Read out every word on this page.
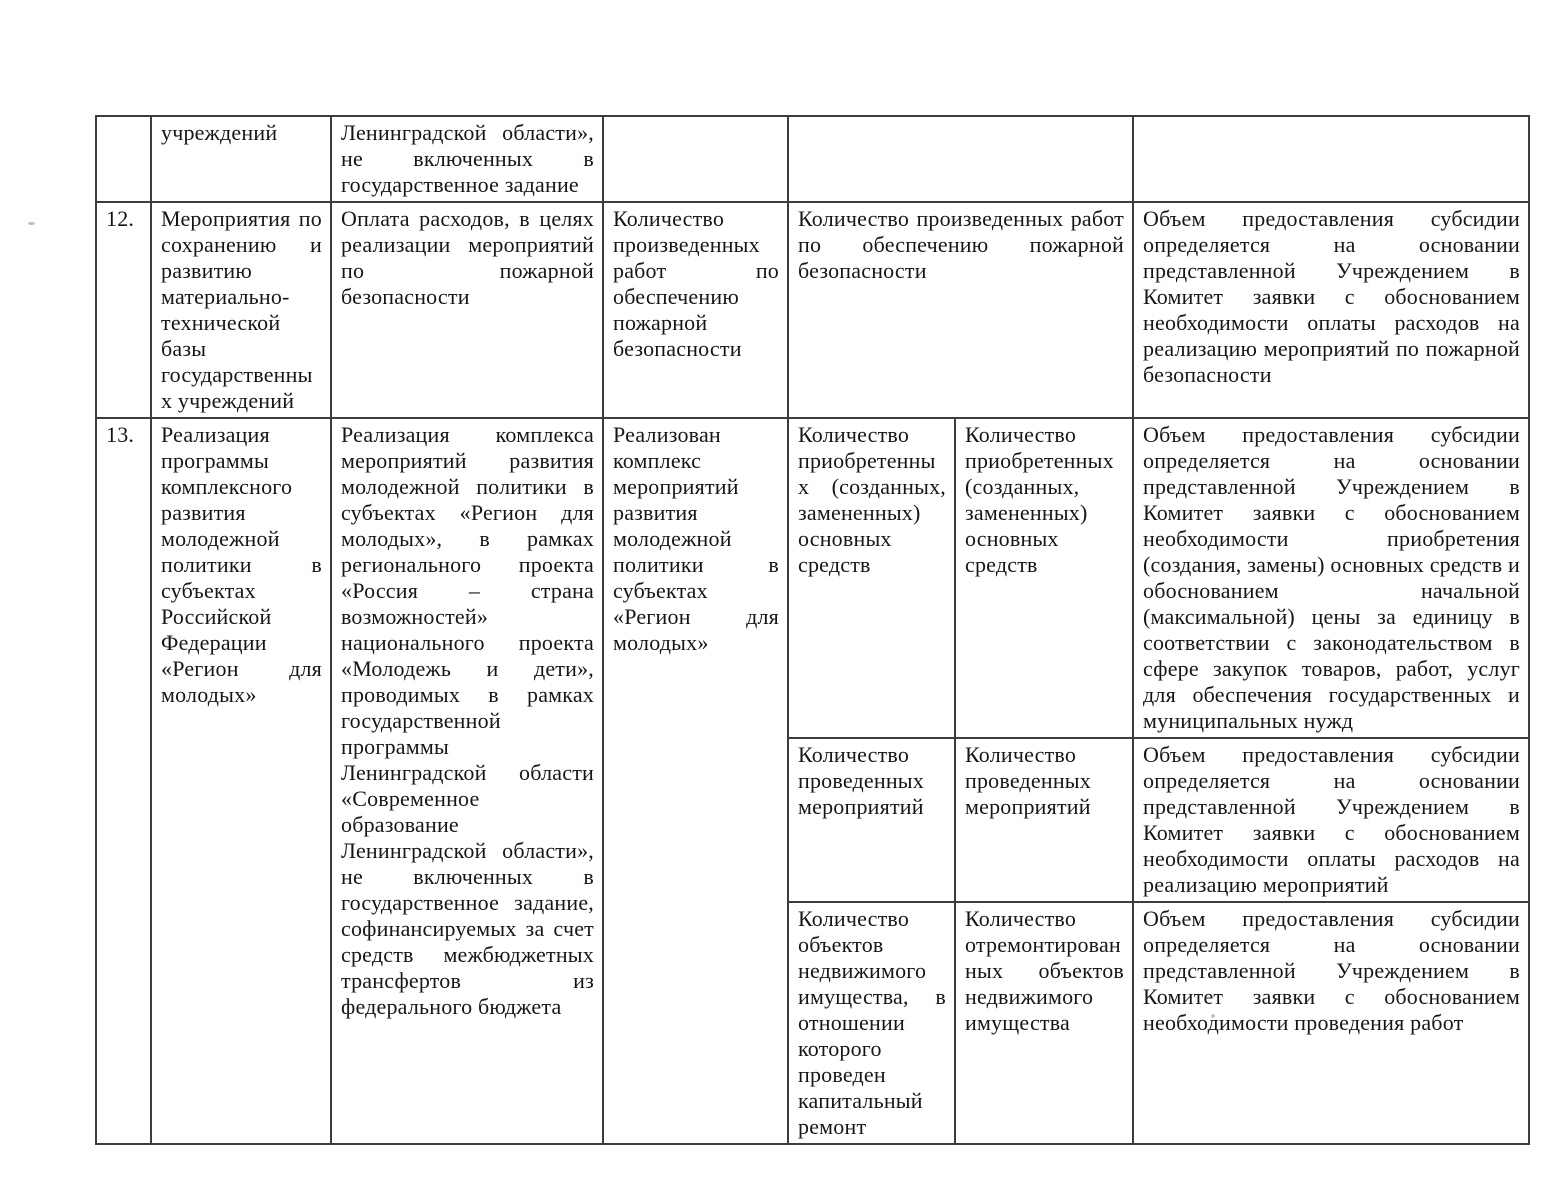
	учреждений	Ленинградской области», не включенных в государственное задание				
12.	Мероприятия по сохранению и развитию материально-технической базы государственных учреждений	Оплата расходов, в целях реализации мероприятий по пожарной безопасности	Количество произведенных работ по обеспечению пожарной безопасности	Количество произведенных работ по обеспечению пожарной безопасности		Объем предоставления субсидии определяется на основании представленной Учреждением в Комитет заявки с обоснованием необходимости оплаты расходов на реализацию мероприятий по пожарной безопасности
13.	Реализация программы комплексного развития молодежной политики в субъектах Российской Федерации «Регион для молодых»	Реализация комплекса мероприятий развития молодежной политики в субъектах «Регион для молодых», в рамках регионального проекта «Россия – страна возможностей» национального проекта «Молодежь и дети», проводимых в рамках государственной программы Ленинградской области «Современное образование Ленинградской области», не включенных в государственное задание, софинансируемых за счет средств межбюджетных трансфертов из федерального бюджета	Реализован комплекс мероприятий развития молодежной политики в субъектах «Регион для молодых»	Количество приобретенных (созданных, замененных) основных средств	Количество приобретенных (созданных, замененных) основных средств	Объем предоставления субсидии определяется на основании представленной Учреждением в Комитет заявки с обоснованием необходимости приобретения (создания, замены) основных средств и обоснованием начальной (максимальной) цены за единицу в соответствии с законодательством в сфере закупок товаров, работ, услуг для обеспечения государственных и муниципальных нужд
				Количество проведенных мероприятий	Количество проведенных мероприятий	Объем предоставления субсидии определяется на основании представленной Учреждением в Комитет заявки с обоснованием необходимости оплаты расходов на реализацию мероприятий
				Количество объектов недвижимого имущества, в отношении которого проведен капитальный ремонт	Количество отремонтированных объектов недвижимого имущества	Объем предоставления субсидии определяется на основании представленной Учреждением в Комитет заявки с обоснованием необходимости проведения работ
